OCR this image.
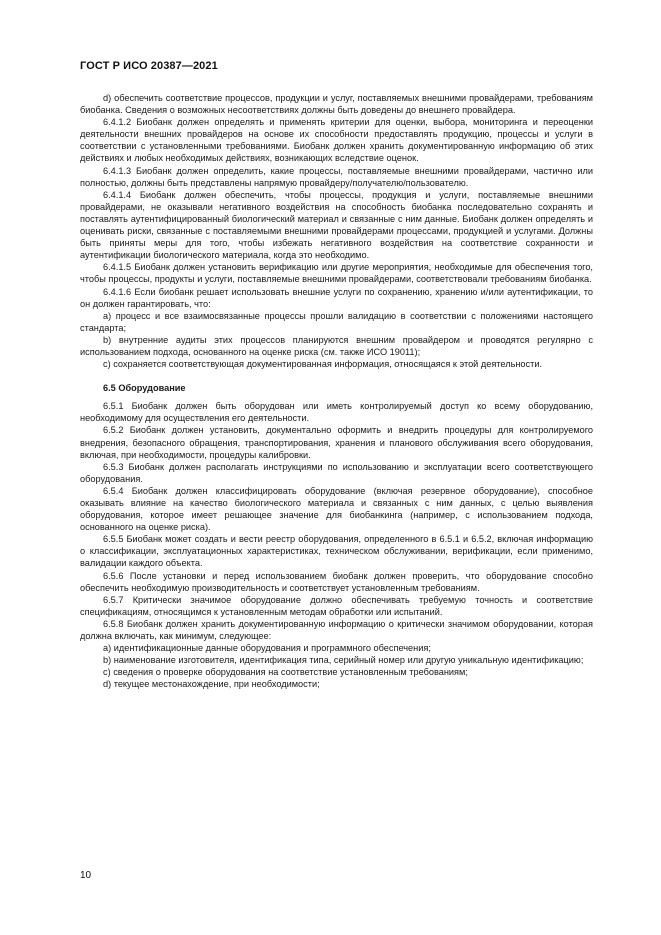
ГОСТ Р ИСО 20387—2021

d) обеспечить соответствие процессов, продукции и услуг, поставляемых внешними провайдерами, требованиям биобанка. Сведения о возможных несоответствиях должны быть доведены до внешнего провайдера.

6.4.1.2 Биобанк должен определять и применять критерии для оценки, выбора, мониторинга и переоценки деятельности внешних провайдеров на основе их способности предоставлять продукцию, процессы и услуги в соответствии с установленными требованиями. Биобанк должен хранить документированную информацию об этих действиях и любых необходимых действиях, возникающих вследствие оценок.

6.4.1.3 Биобанк должен определить, какие процессы, поставляемые внешними провайдерами, частично или полностью, должны быть представлены напрямую провайдеру/получателю/пользователю.

6.4.1.4 Биобанк должен обеспечить, чтобы процессы, продукция и услуги, поставляемые внешними провайдерами, не оказывали негативного воздействия на способность биобанка последовательно сохранять и поставлять аутентифицированный биологический материал и связанные с ним данные. Биобанк должен определять и оценивать риски, связанные с поставляемыми внешними провайдерами процессами, продукцией и услугами. Должны быть приняты меры для того, чтобы избежать негативного воздействия на соответствие сохранности и аутентификации биологического материала, когда это необходимо.

6.4.1.5 Биобанк должен установить верификацию или другие мероприятия, необходимые для обеспечения того, чтобы процессы, продукты и услуги, поставляемые внешними провайдерами, соответствовали требованиям биобанка.

6.4.1.6 Если биобанк решает использовать внешние услуги по сохранению, хранению и/или аутентификации, то он должен гарантировать, что:

a) процесс и все взаимосвязанные процессы прошли валидацию в соответствии с положениями настоящего стандарта;

b) внутренние аудиты этих процессов планируются внешним провайдером и проводятся регулярно с использованием подхода, основанного на оценке риска (см. также ИСО 19011);

c) сохраняется соответствующая документированная информация, относящаяся к этой деятельности.

6.5 Оборудование

6.5.1 Биобанк должен быть оборудован или иметь контролируемый доступ ко всему оборудованию, необходимому для осуществления его деятельности.

6.5.2 Биобанк должен установить, документально оформить и внедрить процедуры для контролируемого внедрения, безопасного обращения, транспортирования, хранения и планового обслуживания всего оборудования, включая, при необходимости, процедуры калибровки.

6.5.3 Биобанк должен располагать инструкциями по использованию и эксплуатации всего соответствующего оборудования.

6.5.4 Биобанк должен классифицировать оборудование (включая резервное оборудование), способное оказывать влияние на качество биологического материала и связанных с ним данных, с целью выявления оборудования, которое имеет решающее значение для биобанкинга (например, с использованием подхода, основанного на оценке риска).

6.5.5 Биобанк может создать и вести реестр оборудования, определенного в 6.5.1 и 6.5.2, включая информацию о классификации, эксплуатационных характеристиках, техническом обслуживании, верификации, если применимо, валидации каждого объекта.

6.5.6 После установки и перед использованием биобанк должен проверить, что оборудование способно обеспечить необходимую производительность и соответствует установленным требованиям.

6.5.7 Критически значимое оборудование должно обеспечивать требуемую точность и соответствие спецификациям, относящимся к установленным методам обработки или испытаний.

6.5.8 Биобанк должен хранить документированную информацию о критически значимом оборудовании, которая должна включать, как минимум, следующее:

a) идентификационные данные оборудования и программного обеспечения;

b) наименование изготовителя, идентификация типа, серийный номер или другую уникальную идентификацию;

c) сведения о проверке оборудования на соответствие установленным требованиям;

d) текущее местонахождение, при необходимости;

10
